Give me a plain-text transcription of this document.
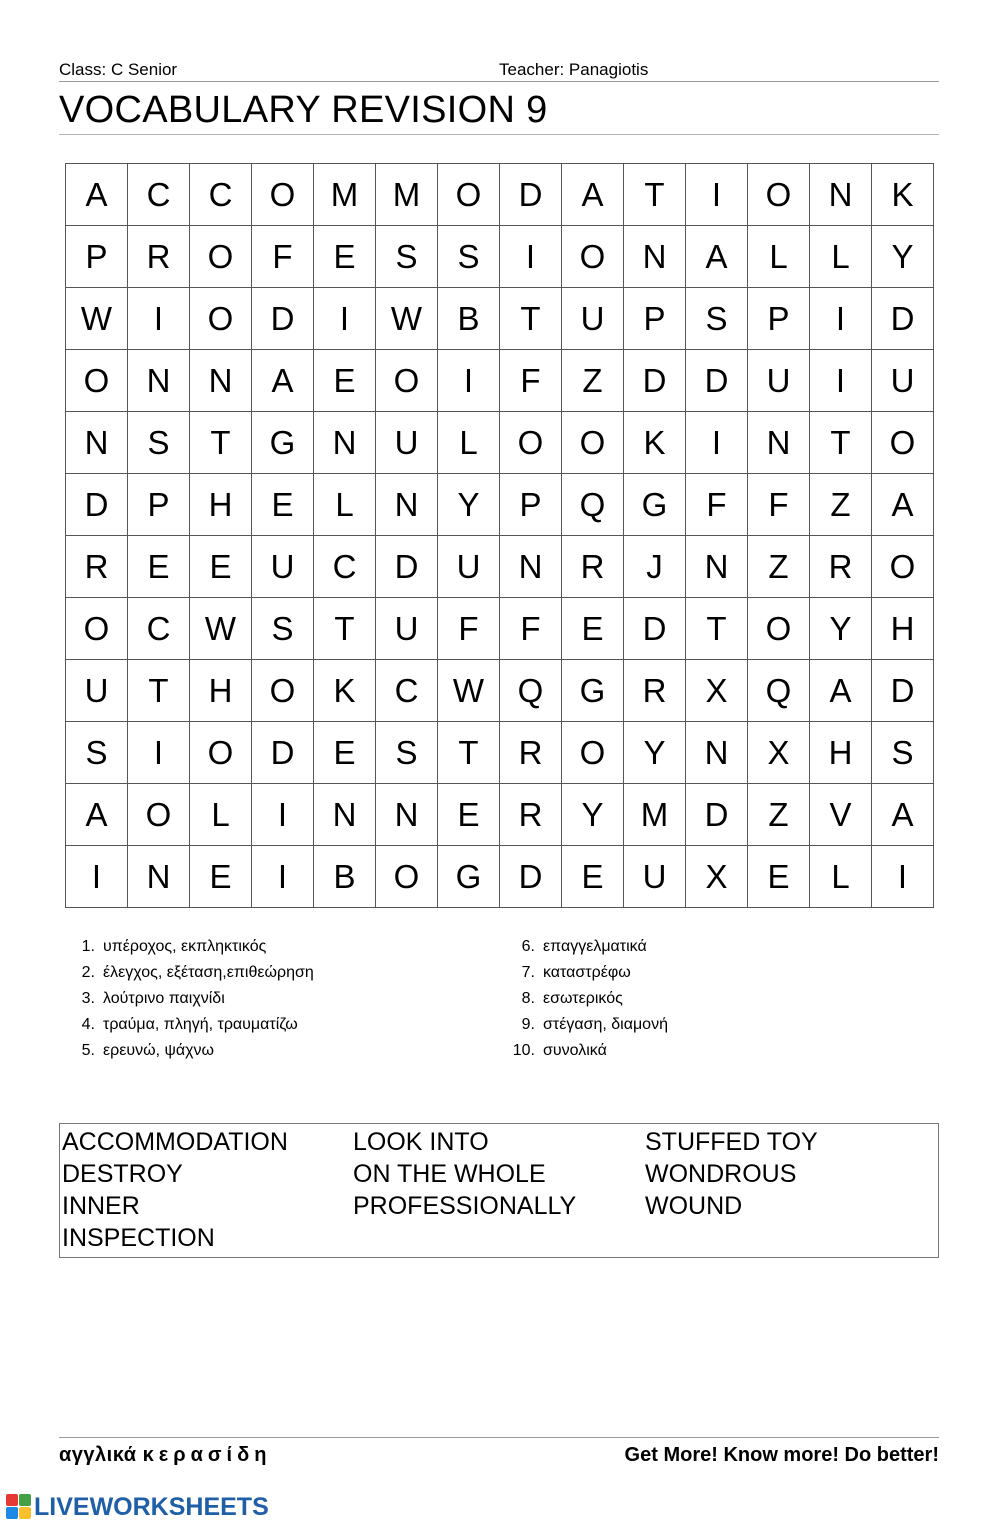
Class: C Senior	Teacher: Panagiotis
VOCABULARY REVISION 9
A	C	C	O	M	M	O	D	A	T	I	O	N	K
P	R	O	F	E	S	S	I	O	N	A	L	L	Y
W	I	O	D	I	W	B	T	U	P	S	P	I	D
O	N	N	A	E	O	I	F	Z	D	D	U	I	U
N	S	T	G	N	U	L	O	O	K	I	N	T	O
D	P	H	E	L	N	Y	P	Q	G	F	F	Z	A
R	E	E	U	C	D	U	N	R	J	N	Z	R	O
O	C	W	S	T	U	F	F	E	D	T	O	Y	H
U	T	H	O	K	C	W	Q	G	R	X	Q	A	D
S	I	O	D	E	S	T	R	O	Y	N	X	H	S
A	O	L	I	N	N	E	R	Y	M	D	Z	V	A
I	N	E	I	B	O	G	D	E	U	X	E	L	I
1. υπέροχος, εκπληκτικός
2. έλεγχος, εξέταση,επιθεώρηση
3. λούτρινο παιχνίδι
4. τραύμα, πληγή, τραυματίζω
5. ερευνώ, ψάχνω
6. επαγγελματικά
7. καταστρέφω
8. εσωτερικός
9. στέγαση, διαμονή
10. συνολικά
ACCOMMODATION
DESTROY
INNER
INSPECTION
LOOK INTO
ON THE WHOLE
PROFESSIONALLY
STUFFED TOY
WONDROUS
WOUND
αγγλικά κερασίδη	Get More! Know more! Do better!
LIVEWORKSHEETS
